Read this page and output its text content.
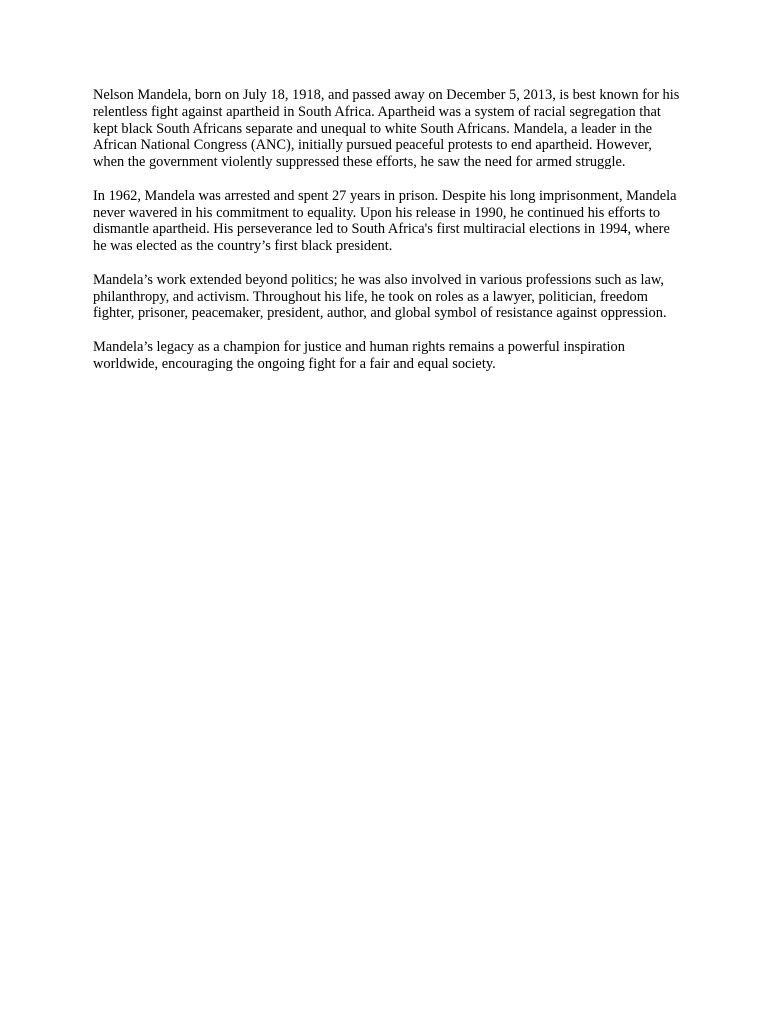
Nelson Mandela, born on July 18, 1918, and passed away on December 5, 2013, is best known for his relentless fight against apartheid in South Africa. Apartheid was a system of racial segregation that kept black South Africans separate and unequal to white South Africans. Mandela, a leader in the African National Congress (ANC), initially pursued peaceful protests to end apartheid. However, when the government violently suppressed these efforts, he saw the need for armed struggle.

In 1962, Mandela was arrested and spent 27 years in prison. Despite his long imprisonment, Mandela never wavered in his commitment to equality. Upon his release in 1990, he continued his efforts to dismantle apartheid. His perseverance led to South Africa's first multiracial elections in 1994, where he was elected as the country’s first black president.

Mandela’s work extended beyond politics; he was also involved in various professions such as law, philanthropy, and activism. Throughout his life, he took on roles as a lawyer, politician, freedom fighter, prisoner, peacemaker, president, author, and global symbol of resistance against oppression.

Mandela’s legacy as a champion for justice and human rights remains a powerful inspiration worldwide, encouraging the ongoing fight for a fair and equal society.
